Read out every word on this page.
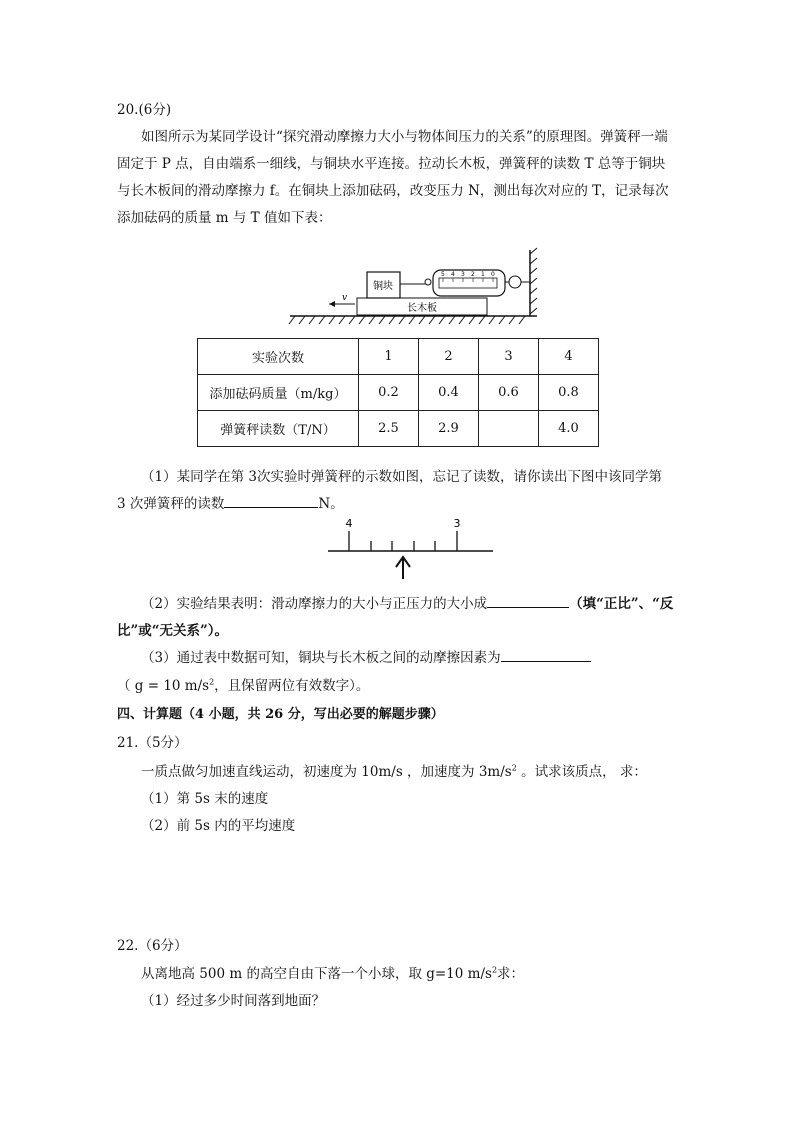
20.(6分)
如图所示为某同学设计“探究滑动摩擦力大小与物体间压力的关系”的原理图。弹簧秤一端
固定于 P 点，自由端系一细线，与铜块水平连接。拉动长木板，弹簧秤的读数 T 总等于铜块
与长木板间的滑动摩擦力 f。在铜块上添加砝码，改变压力 N，测出每次对应的 T，记录每次
添加砝码的质量 m 与 T 值如下表：
长木板
v
铜块
5 4 3 2 1 0
实验次数	1	2	3	4
添加砝码质量（m/kg）	0.2	0.4	0.6	0.8
弹簧秤读数（T/N）	2.5	2.9		4.0
（1）某同学在第 3次实验时弹簧秤的示数如图，忘记了读数，请你读出下图中该同学第
3 次弹簧秤的读数	N。
4	3
（2）实验结果表明：滑动摩擦力的大小与正压力的大小成	（填“正比”、“反
比”或“无关系”）。
（3）通过表中数据可知，铜块与长木板之间的动摩擦因素为
（ g = 10 $m/s^2$，且保留两位有效数字）。
四、计算题（4 小题，共 26 分，写出必要的解题步骤）
21.（5分）
一质点做匀加速直线运动，初速度为 10m/s ，加速度为 $3m/s^2$ 。试求该质点， 求：
（1）第 5s 末的速度
（2）前 5s 内的平均速度
22.（6分）
从离地高 500 m 的高空自由下落一个小球，取 g=10 $m/s^2$求：
（1）经过多少时间落到地面？
